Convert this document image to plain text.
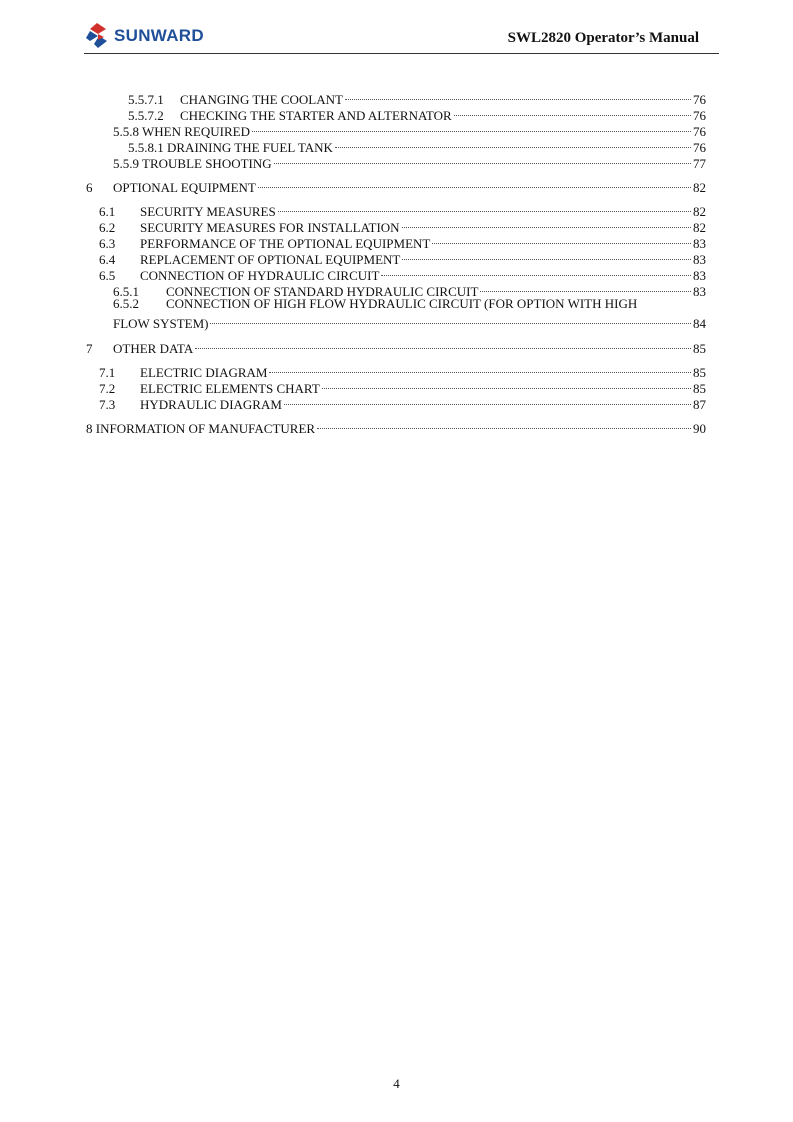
SUNWARD	SWL2820 Operator’s Manual
5.5.7.1	CHANGING THE COOLANT	76
5.5.7.2	CHECKING THE STARTER AND ALTERNATOR	76
5.5.8 WHEN REQUIRED	76
5.5.8.1 DRAINING THE FUEL TANK	76
5.5.9 TROUBLE SHOOTING	77
6	OPTIONAL EQUIPMENT	82
6.1	SECURITY MEASURES	82
6.2	SECURITY MEASURES FOR INSTALLATION	82
6.3	PERFORMANCE OF THE OPTIONAL EQUIPMENT	83
6.4	REPLACEMENT OF OPTIONAL EQUIPMENT	83
6.5	CONNECTION OF HYDRAULIC CIRCUIT	83
6.5.1	CONNECTION OF STANDARD HYDRAULIC CIRCUIT	83
6.5.2	CONNECTION OF HIGH FLOW HYDRAULIC CIRCUIT (FOR OPTION WITH HIGH
FLOW SYSTEM)	84
7	OTHER DATA	85
7.1	ELECTRIC DIAGRAM	85
7.2	ELECTRIC ELEMENTS CHART	85
7.3	HYDRAULIC DIAGRAM	87
8 INFORMATION OF MANUFACTURER	90
4
